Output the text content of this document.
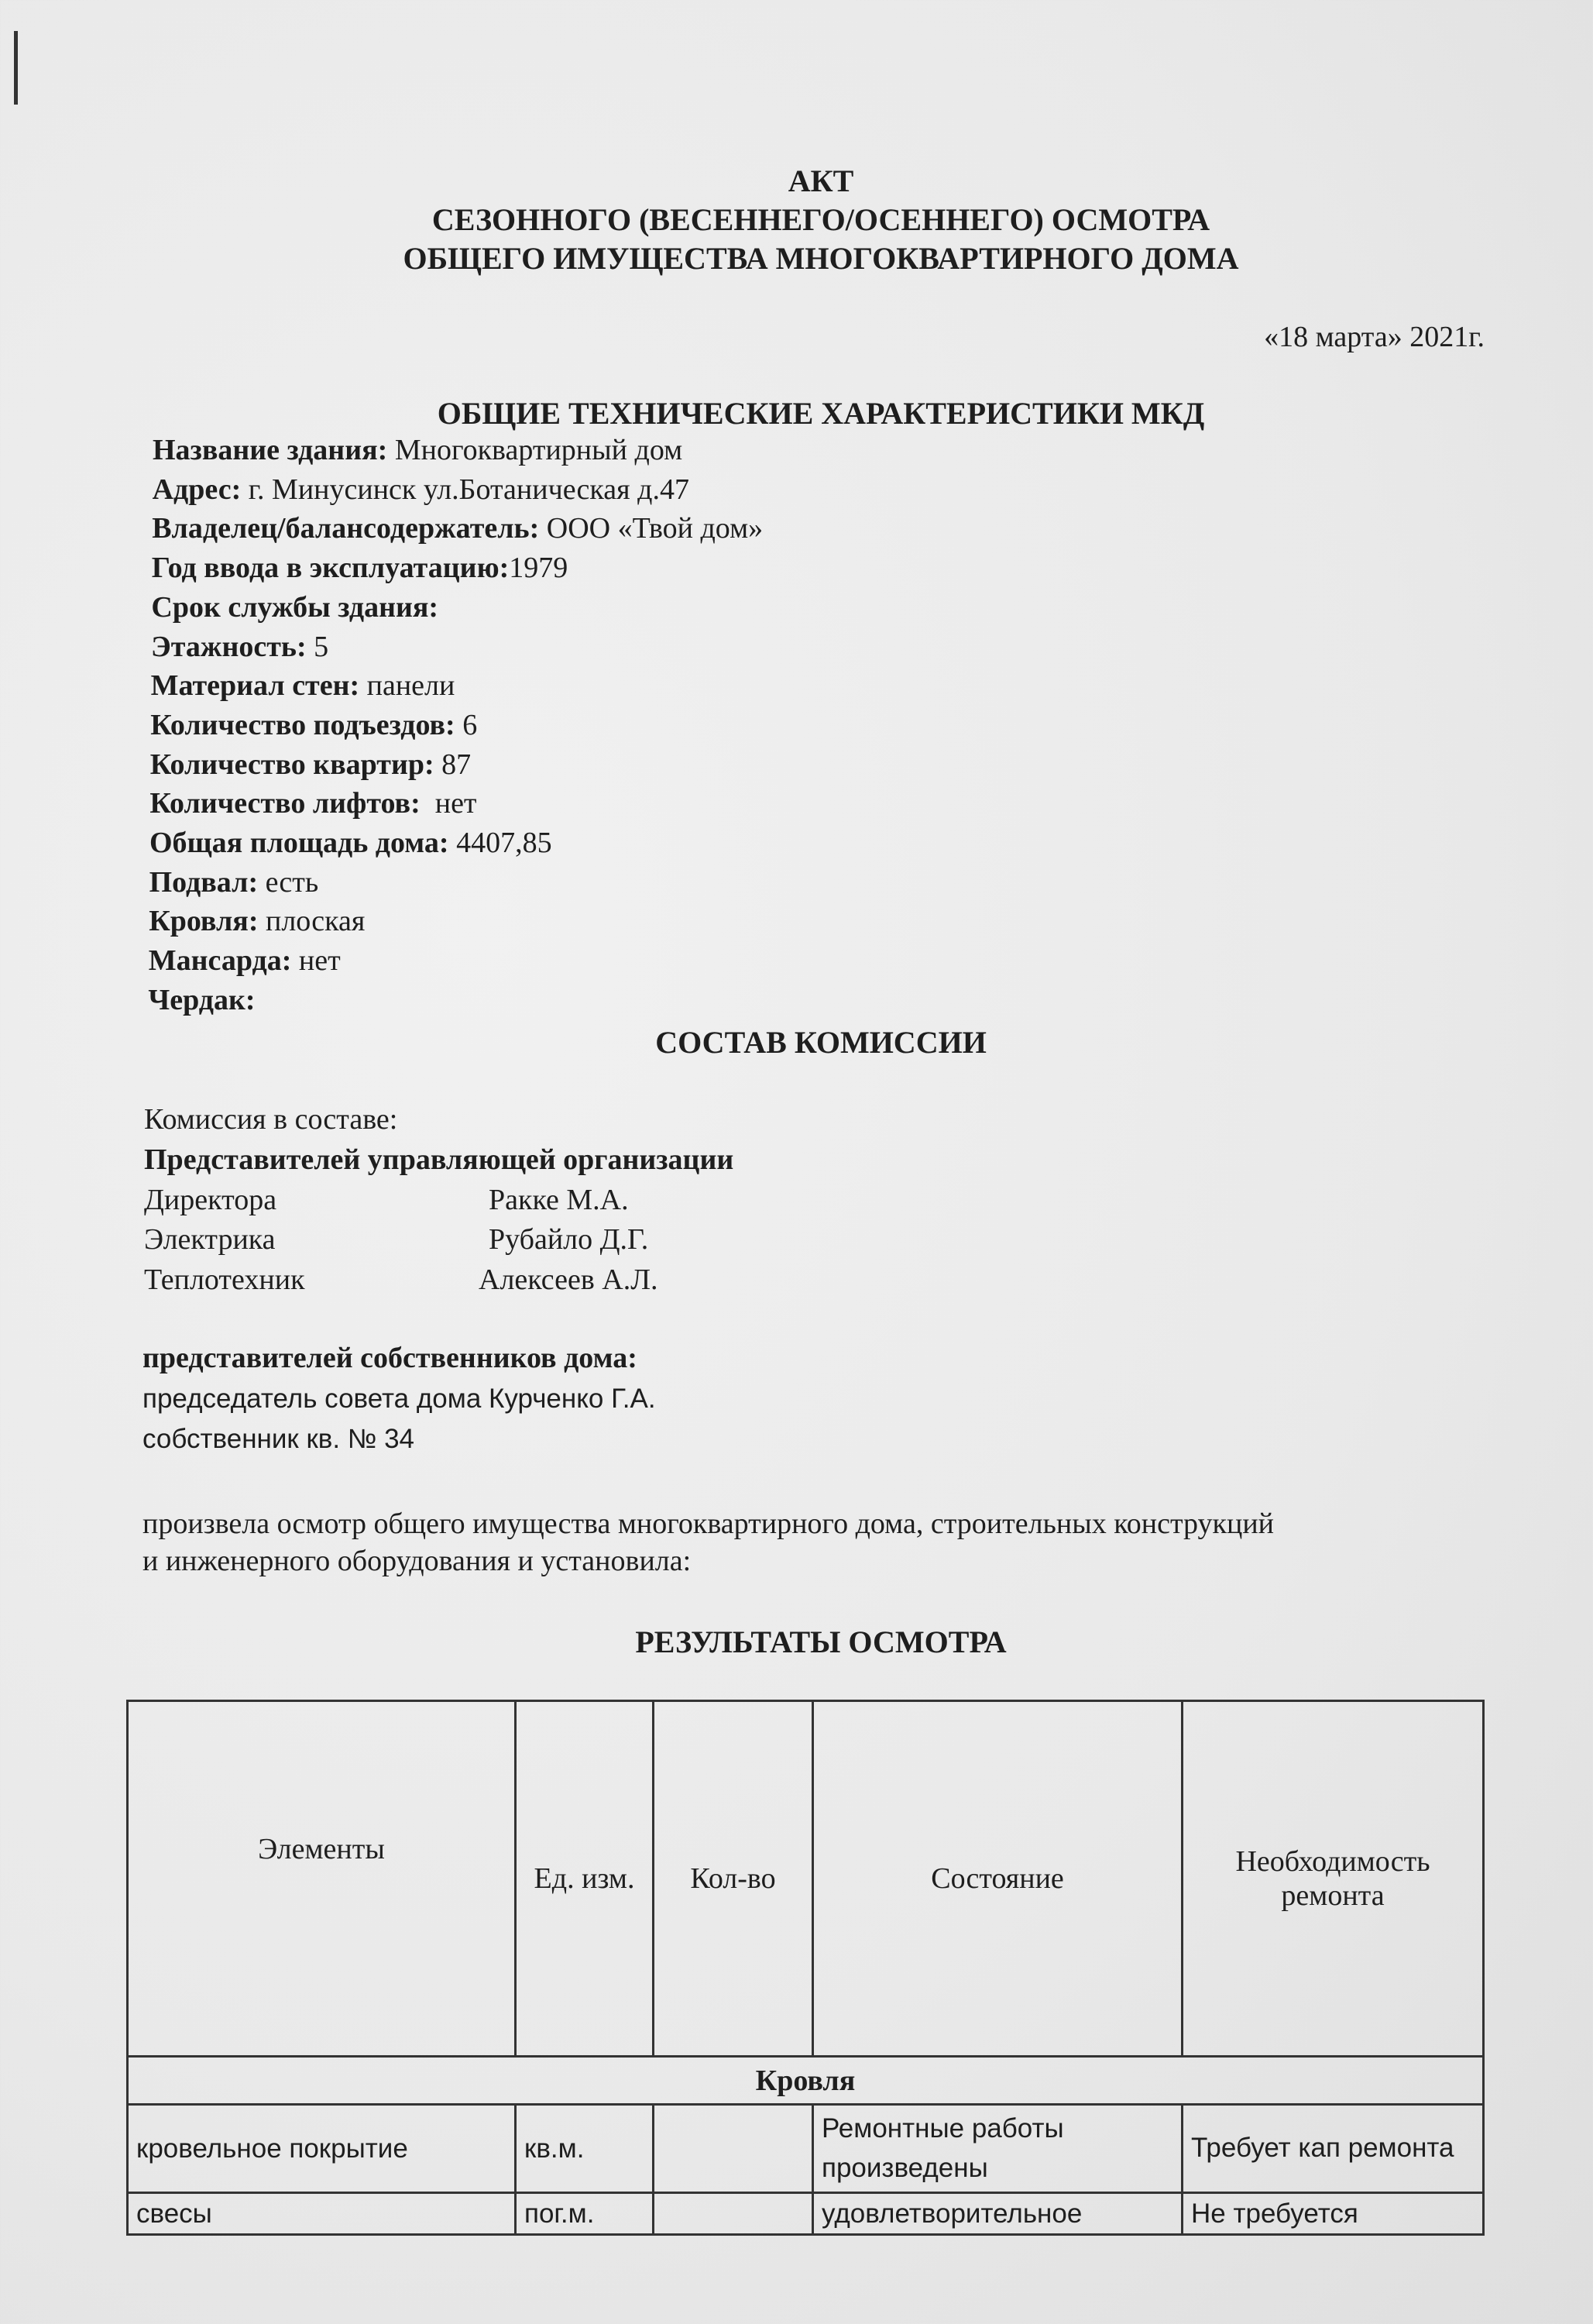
АКТ
СЕЗОННОГО (ВЕСЕННЕГО/ОСЕННЕГО) ОСМОТРА
ОБЩЕГО ИМУЩЕСТВА МНОГОКВАРТИРНОГО ДОМА
«18 марта» 2021г.
ОБЩИЕ ТЕХНИЧЕСКИЕ ХАРАКТЕРИСТИКИ МКД
Название здания: Многоквартирный дом
Адрес: г. Минусинск ул.Ботаническая д.47
Владелец/балансодержатель: ООО «Твой дом»
Год ввода в эксплуатацию:1979
Срок службы здания:
Этажность: 5
Материал стен: панели
Количество подъездов: 6
Количество квартир: 87
Количество лифтов:  нет
Общая площадь дома: 4407,85
Подвал: есть
Кровля: плоская
Мансарда: нет
Чердак:
СОСТАВ КОМИССИИ
Комиссия в составе:
Представителей управляющей организации
Директора	Ракке М.А.
Электрика	Рубайло Д.Г.
Теплотехник	Алексеев А.Л.
представителей собственников дома:
председатель совета дома Курченко Г.А.
собственник кв. № 34
произвела осмотр общего имущества многоквартирного дома, строительных конструкций
и инженерного оборудования и установила:
РЕЗУЛЬТАТЫ ОСМОТРА
Элементы	Ед. изм.	Кол-во	Состояние	Необходимость ремонта
Кровля				
кровельное покрытие	кв.м.		Ремонтные работы произведены	Требует кап ремонта
свесы	пог.м.		удовлетворительное	Не требуется
